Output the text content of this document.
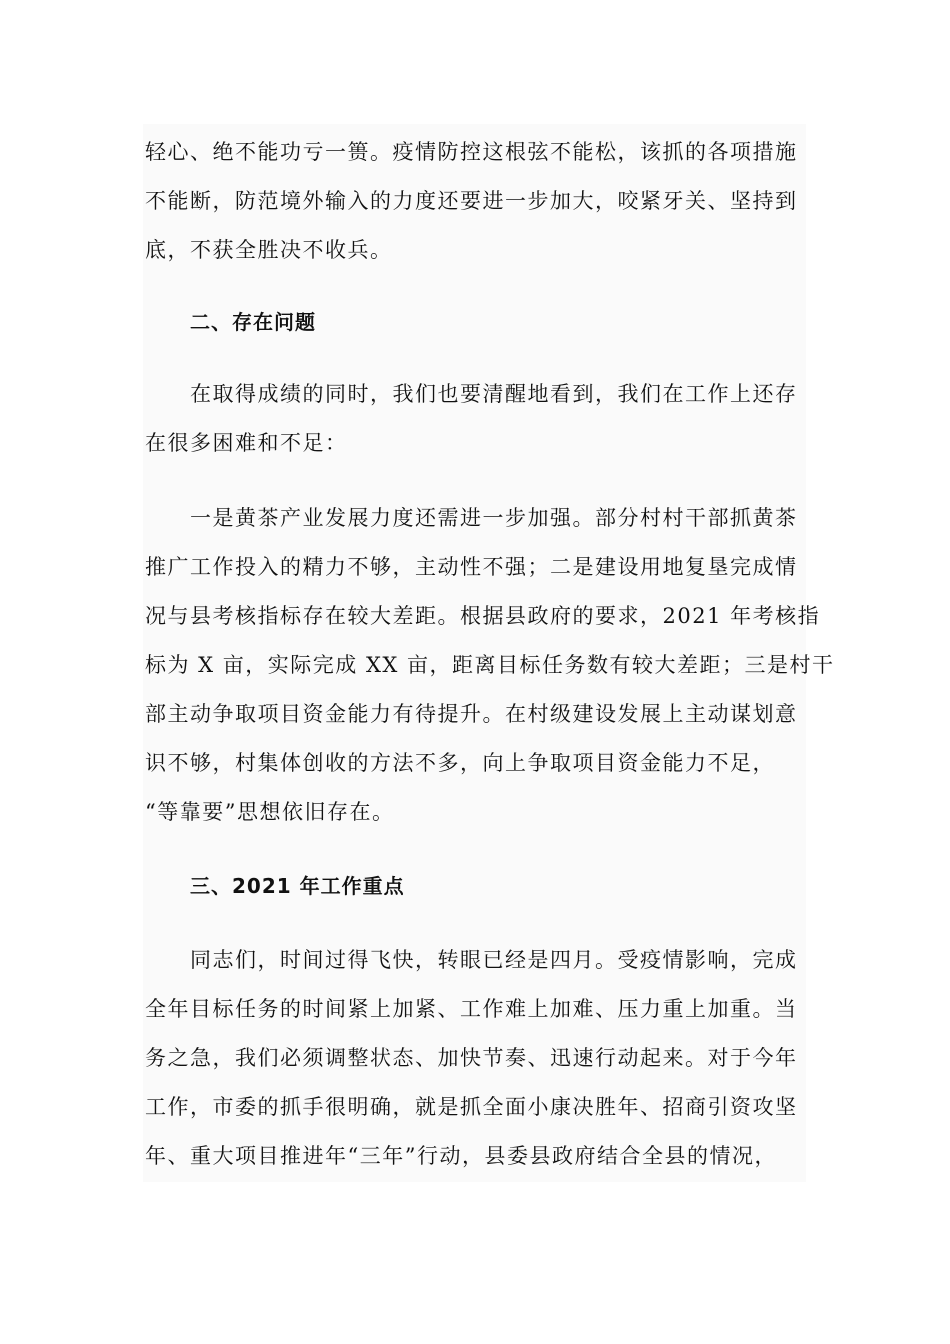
轻心、绝不能功亏一篑。疫情防控这根弦不能松，该抓的各项措施
不能断，防范境外输入的力度还要进一步加大，咬紧牙关、坚持到
底，不获全胜决不收兵。

二、存在问题

在取得成绩的同时，我们也要清醒地看到，我们在工作上还存
在很多困难和不足：

一是黄茶产业发展力度还需进一步加强。部分村村干部抓黄茶
推广工作投入的精力不够，主动性不强；二是建设用地复垦完成情
况与县考核指标存在较大差距。根据县政府的要求，2021 年考核指
标为 X 亩，实际完成 XX 亩，距离目标任务数有较大差距；三是村干
部主动争取项目资金能力有待提升。在村级建设发展上主动谋划意
识不够，村集体创收的方法不多，向上争取项目资金能力不足，
“等靠要”思想依旧存在。

三、2021 年工作重点

同志们，时间过得飞快，转眼已经是四月。受疫情影响，完成
全年目标任务的时间紧上加紧、工作难上加难、压力重上加重。当
务之急，我们必须调整状态、加快节奏、迅速行动起来。对于今年
工作，市委的抓手很明确，就是抓全面小康决胜年、招商引资攻坚
年、重大项目推进年“三年”行动，县委县政府结合全县的情况，
